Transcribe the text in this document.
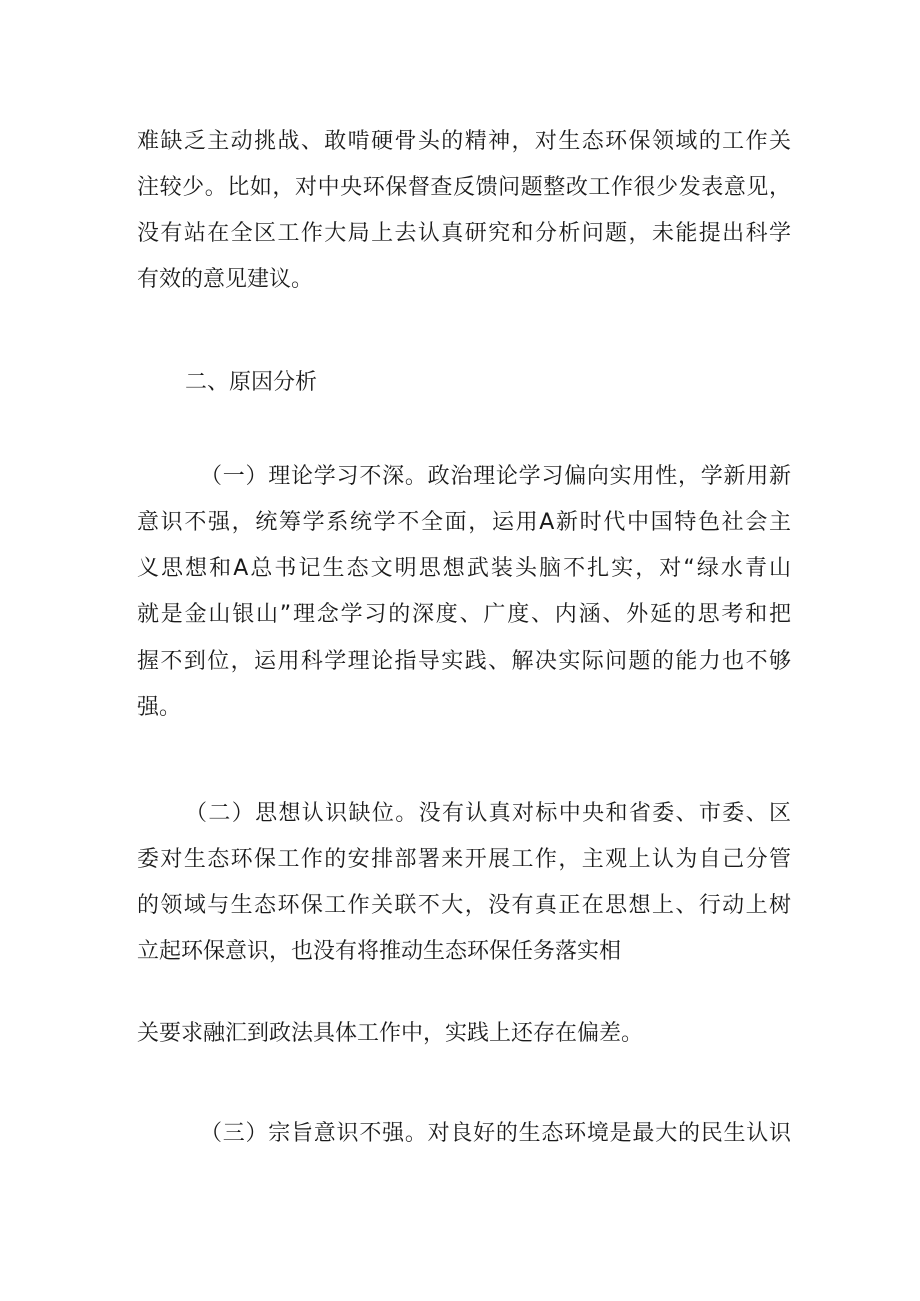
难缺乏主动挑战、敢啃硬骨头的精神，对生态环保领域的工作关
注较少。比如，对中央环保督查反馈问题整改工作很少发表意见，
没有站在全区工作大局上去认真研究和分析问题，未能提出科学
有效的意见建议。
二、原因分析
（一）理论学习不深。政治理论学习偏向实用性，学新用新
意识不强，统筹学系统学不全面，运用A新时代中国特色社会主
义思想和A总书记生态文明思想武装头脑不扎实，对“绿水青山
就是金山银山”理念学习的深度、广度、内涵、外延的思考和把
握不到位，运用科学理论指导实践、解决实际问题的能力也不够
强。
（二）思想认识缺位。没有认真对标中央和省委、市委、区
委对生态环保工作的安排部署来开展工作，主观上认为自己分管
的领域与生态环保工作关联不大，没有真正在思想上、行动上树
立起环保意识，也没有将推动生态环保任务落实相
关要求融汇到政法具体工作中，实践上还存在偏差。
（三）宗旨意识不强。对良好的生态环境是最大的民生认识
